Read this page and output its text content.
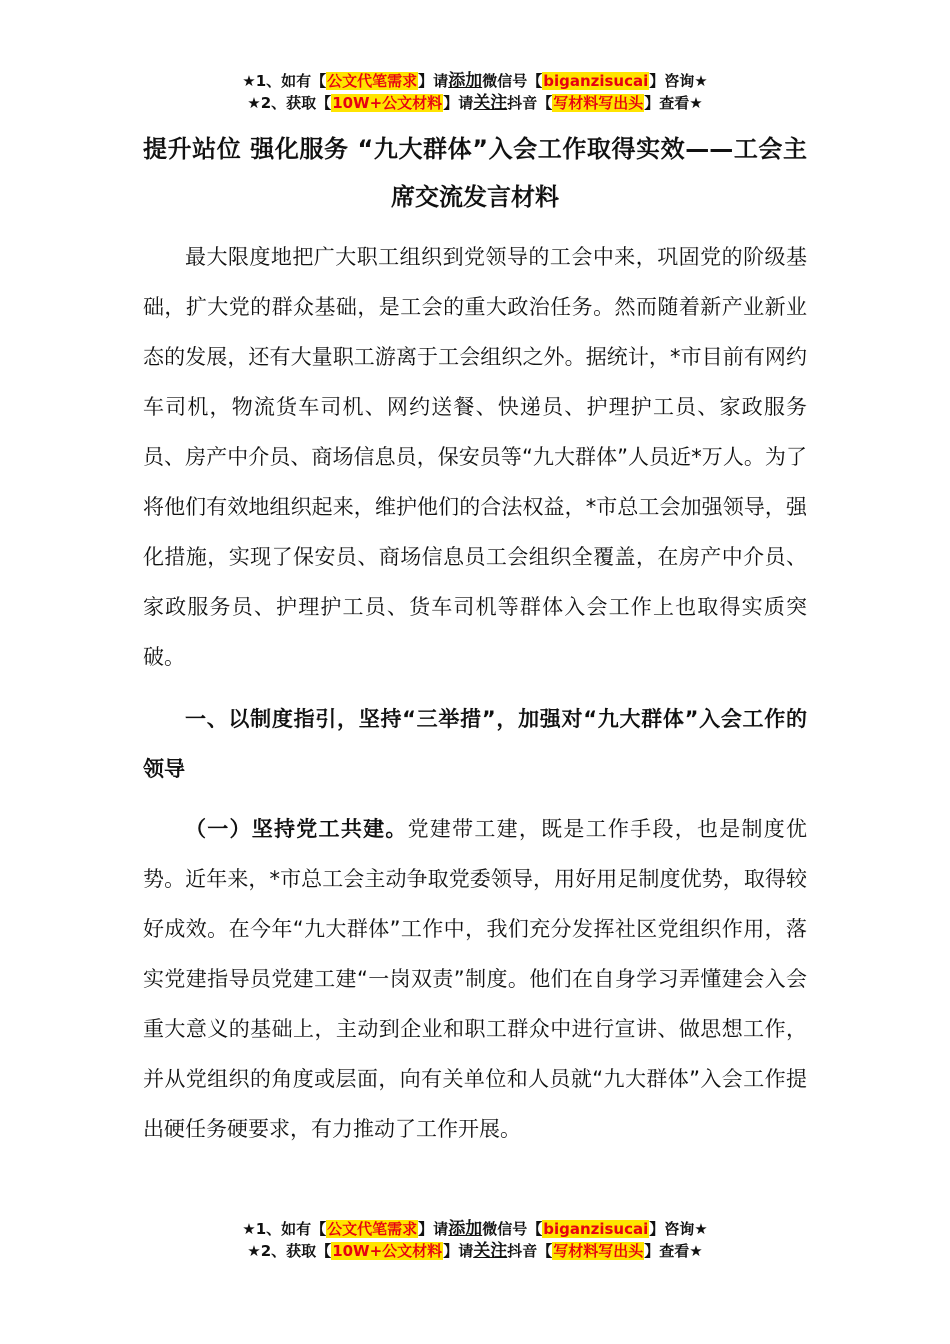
★1、如有【公文代笔需求】请添加微信号【biganzisucai】咨询★
★2、获取【10W+公文材料】请关注抖音【写材料写出头】查看★
提升站位 强化服务 “九大群体”入会工作取得实效——工会主席交流发言材料

最大限度地把广大职工组织到党领导的工会中来，巩固党的阶级基础，扩大党的群众基础，是工会的重大政治任务。然而随着新产业新业态的发展，还有大量职工游离于工会组织之外。据统计，*市目前有网约车司机，物流货车司机、网约送餐、快递员、护理护工员、家政服务员、房产中介员、商场信息员，保安员等“九大群体”人员近*万人。为了将他们有效地组织起来，维护他们的合法权益，*市总工会加强领导，强化措施，实现了保安员、商场信息员工会组织全覆盖，在房产中介员、家政服务员、护理护工员、货车司机等群体入会工作上也取得实质突破。

一、以制度指引，坚持“三举措”，加强对“九大群体”入会工作的领导

（一）坚持党工共建。党建带工建，既是工作手段，也是制度优势。近年来，*市总工会主动争取党委领导，用好用足制度优势，取得较好成效。在今年“九大群体”工作中，我们充分发挥社区党组织作用，落实党建指导员党建工建“一岗双责”制度。他们在自身学习弄懂建会入会重大意义的基础上，主动到企业和职工群众中进行宣讲、做思想工作，并从党组织的角度或层面，向有关单位和人员就“九大群体”入会工作提出硬任务硬要求，有力推动了工作开展。

★1、如有【公文代笔需求】请添加微信号【biganzisucai】咨询★
★2、获取【10W+公文材料】请关注抖音【写材料写出头】查看★
